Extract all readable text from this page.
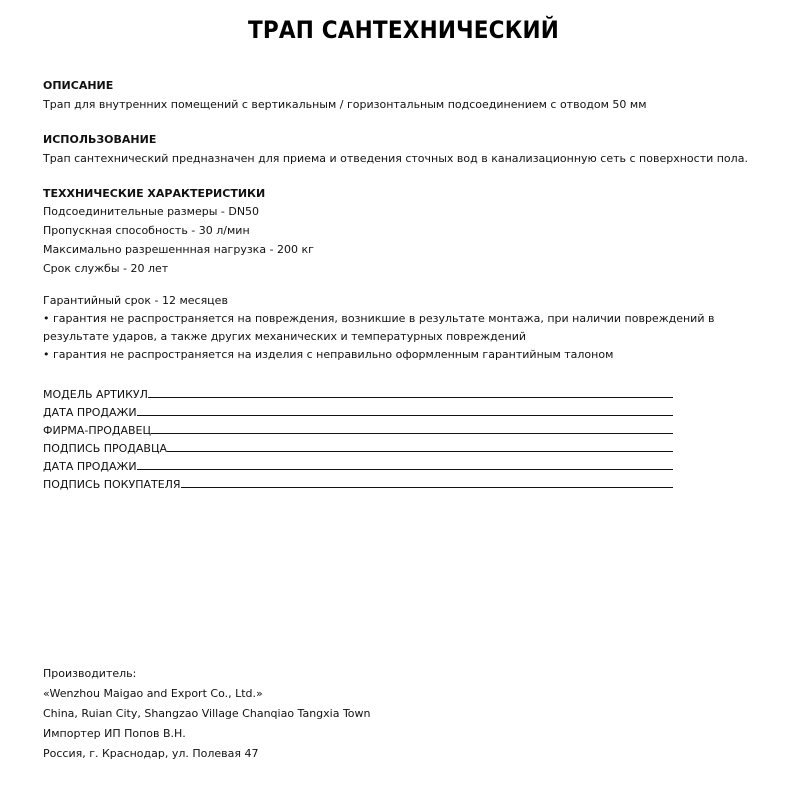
ТРАП САНТЕХНИЧЕСКИЙ

ОПИСАНИЕ

Трап для внутренних помещений с вертикальным / горизонтальным подсоединением с отводом 50 мм

ИСПОЛЬЗОВАНИЕ

Трап сантехнический предназначен для приема и отведения сточных вод в канализационную сеть с поверхности пола.

ТЕХХНИЧЕСКИЕ ХАРАКТЕРИСТИКИ

Подсоединительные размеры - DN50
Пропускная способность - 30 л/мин
Максимально разрешеннная нагрузка - 200 кг
Срок службы - 20 лет
Гарантийный срок - 12 месяцев
• гарантия не распространяется на повреждения, возникшие в результате монтажа, при наличии повреждений в результате ударов, а также других механических и температурных повреждений
• гарантия не распространяется на изделия с неправильно оформленным гарантийным талоном
МОДЕЛЬ АРТИКУЛ
ДАТА ПРОДАЖИ
ФИРМА-ПРОДАВЕЦ
ПОДПИСЬ ПРОДАВЦА
ДАТА ПРОДАЖИ
ПОДПИСЬ ПОКУПАТЕЛЯ
Производитель:
«Wenzhou Maigao and Export Co., Ltd.»
China, Ruian City, Shangzao Village Chanqiao Tangxia Town
Импортер ИП Попов В.Н.
Россия, г. Краснодар, ул. Полевая 47
